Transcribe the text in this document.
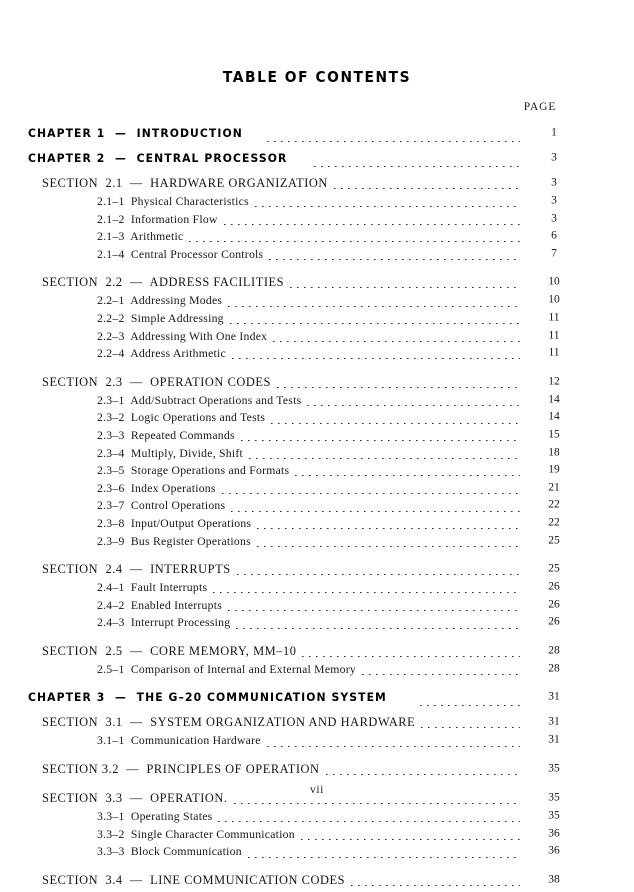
TABLE OF CONTENTS
PAGE
CHAPTER 1  —  INTRODUCTION	1
CHAPTER 2  —  CENTRAL PROCESSOR	3
SECTION  2.1  —  HARDWARE ORGANIZATION	3
2.1–1  Physical Characteristics	3
2.1–2  Information Flow	3
2.1–3  Arithmetic	6
2.1–4  Central Processor Controls	7
SECTION  2.2  —  ADDRESS FACILITIES	10
2.2–1  Addressing Modes	10
2.2–2  Simple Addressing	11
2.2–3  Addressing With One Index	11
2.2–4  Address Arithmetic	11
SECTION  2.3  —  OPERATION CODES	12
2.3–1  Add/Subtract Operations and Tests	14
2.3–2  Logic Operations and Tests	14
2.3–3  Repeated Commands	15
2.3–4  Multiply, Divide, Shift	18
2.3–5  Storage Operations and Formats	19
2.3–6  Index Operations	21
2.3–7  Control Operations	22
2.3–8  Input/Output Operations	22
2.3–9  Bus Register Operations	25
SECTION  2.4  —  INTERRUPTS	25
2.4–1  Fault Interrupts	26
2.4–2  Enabled Interrupts	26
2.4–3  Interrupt Processing	26
SECTION  2.5  —  CORE MEMORY, MM–10	28
2.5–1  Comparison of Internal and External Memory	28
CHAPTER 3  —  THE G–20 COMMUNICATION SYSTEM	31
SECTION  3.1  —  SYSTEM ORGANIZATION AND HARDWARE	31
3.1–1  Communication Hardware	31
SECTION 3.2  —  PRINCIPLES OF OPERATION	35
SECTION  3.3  —  OPERATION.	35
3.3–1  Operating States	35
3.3–2  Single Character Communication	36
3.3–3  Block Communication	36
SECTION  3.4  —  LINE COMMUNICATION CODES	38
vii
